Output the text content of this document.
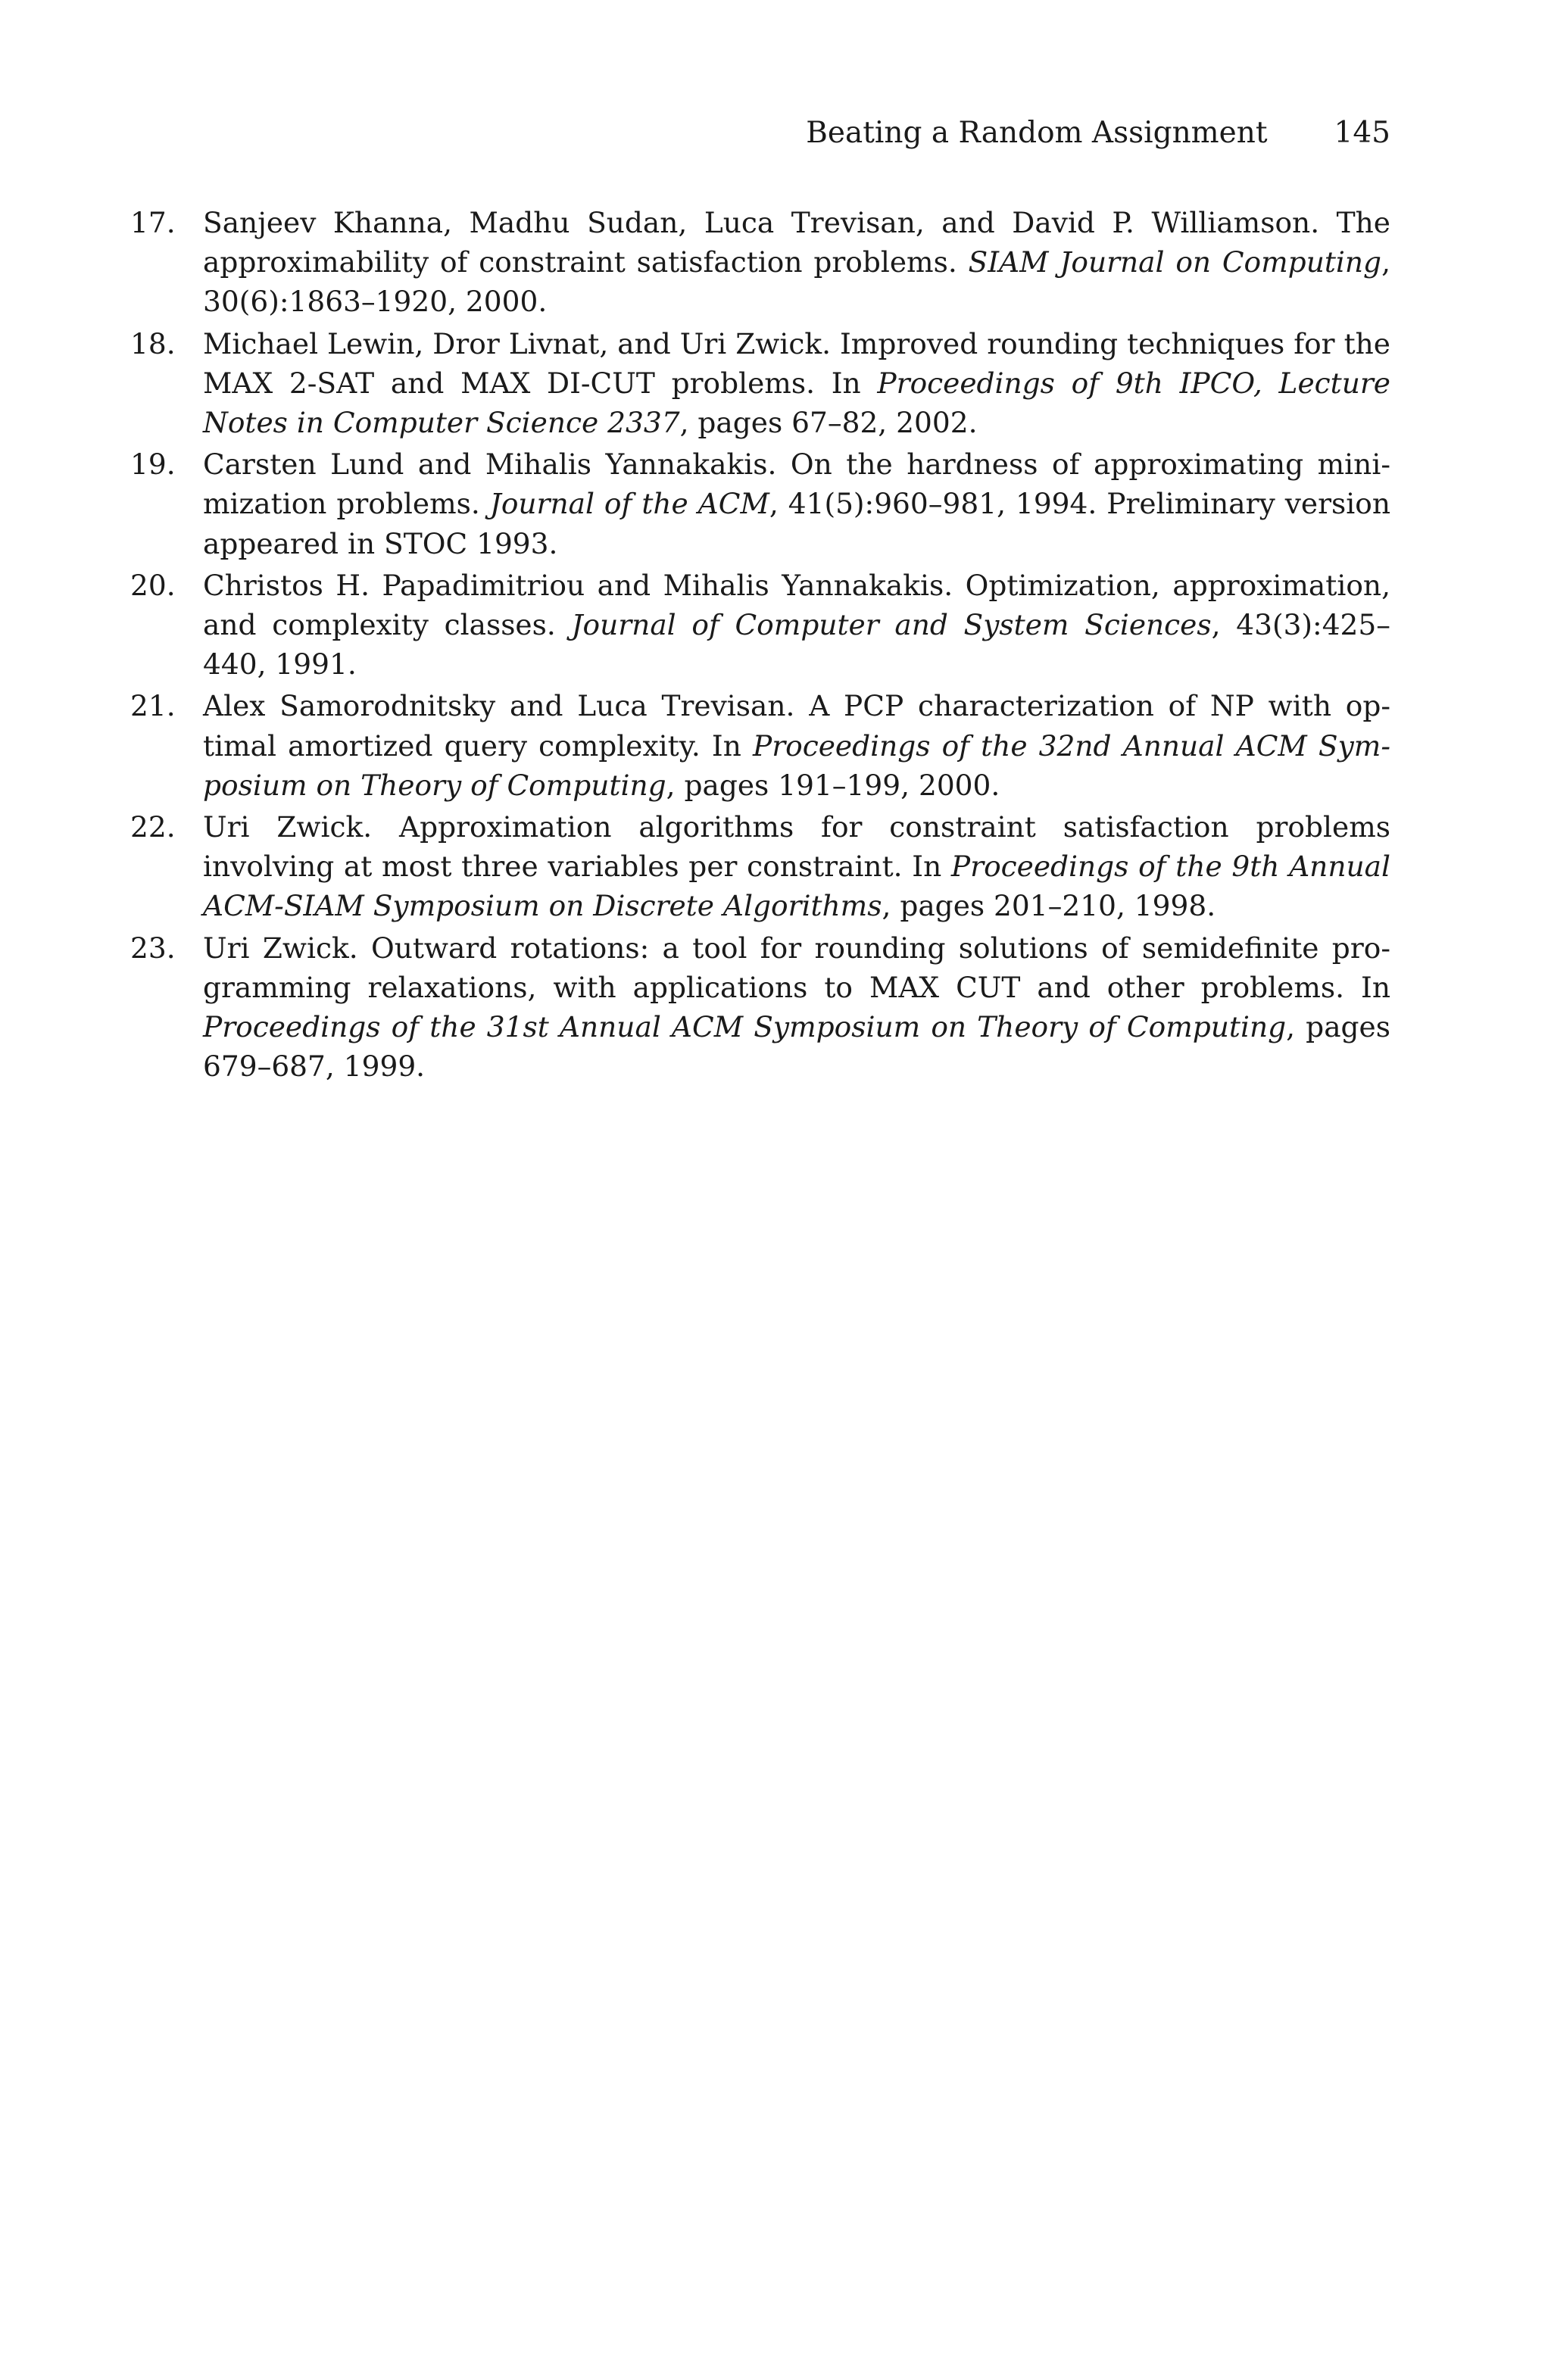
Beating a Random Assignment 145
17. Sanjeev Khanna, Madhu Sudan, Luca Trevisan, and David P. Williamson. The approximability of constraint satisfaction problems. SIAM Journal on Computing, 30(6):1863–1920, 2000.
18. Michael Lewin, Dror Livnat, and Uri Zwick. Improved rounding techniques for the MAX 2-SAT and MAX DI-CUT problems. In Proceedings of 9th IPCO, Lecture Notes in Computer Science 2337, pages 67–82, 2002.
19. Carsten Lund and Mihalis Yannakakis. On the hardness of approximating minimization problems. Journal of the ACM, 41(5):960–981, 1994. Preliminary version appeared in STOC 1993.
20. Christos H. Papadimitriou and Mihalis Yannakakis. Optimization, approximation, and complexity classes. Journal of Computer and System Sciences, 43(3):425–440, 1991.
21. Alex Samorodnitsky and Luca Trevisan. A PCP characterization of NP with optimal amortized query complexity. In Proceedings of the 32nd Annual ACM Symposium on Theory of Computing, pages 191–199, 2000.
22. Uri Zwick. Approximation algorithms for constraint satisfaction problems involving at most three variables per constraint. In Proceedings of the 9th Annual ACM-SIAM Symposium on Discrete Algorithms, pages 201–210, 1998.
23. Uri Zwick. Outward rotations: a tool for rounding solutions of semidefinite programming relaxations, with applications to MAX CUT and other problems. In Proceedings of the 31st Annual ACM Symposium on Theory of Computing, pages 679–687, 1999.
